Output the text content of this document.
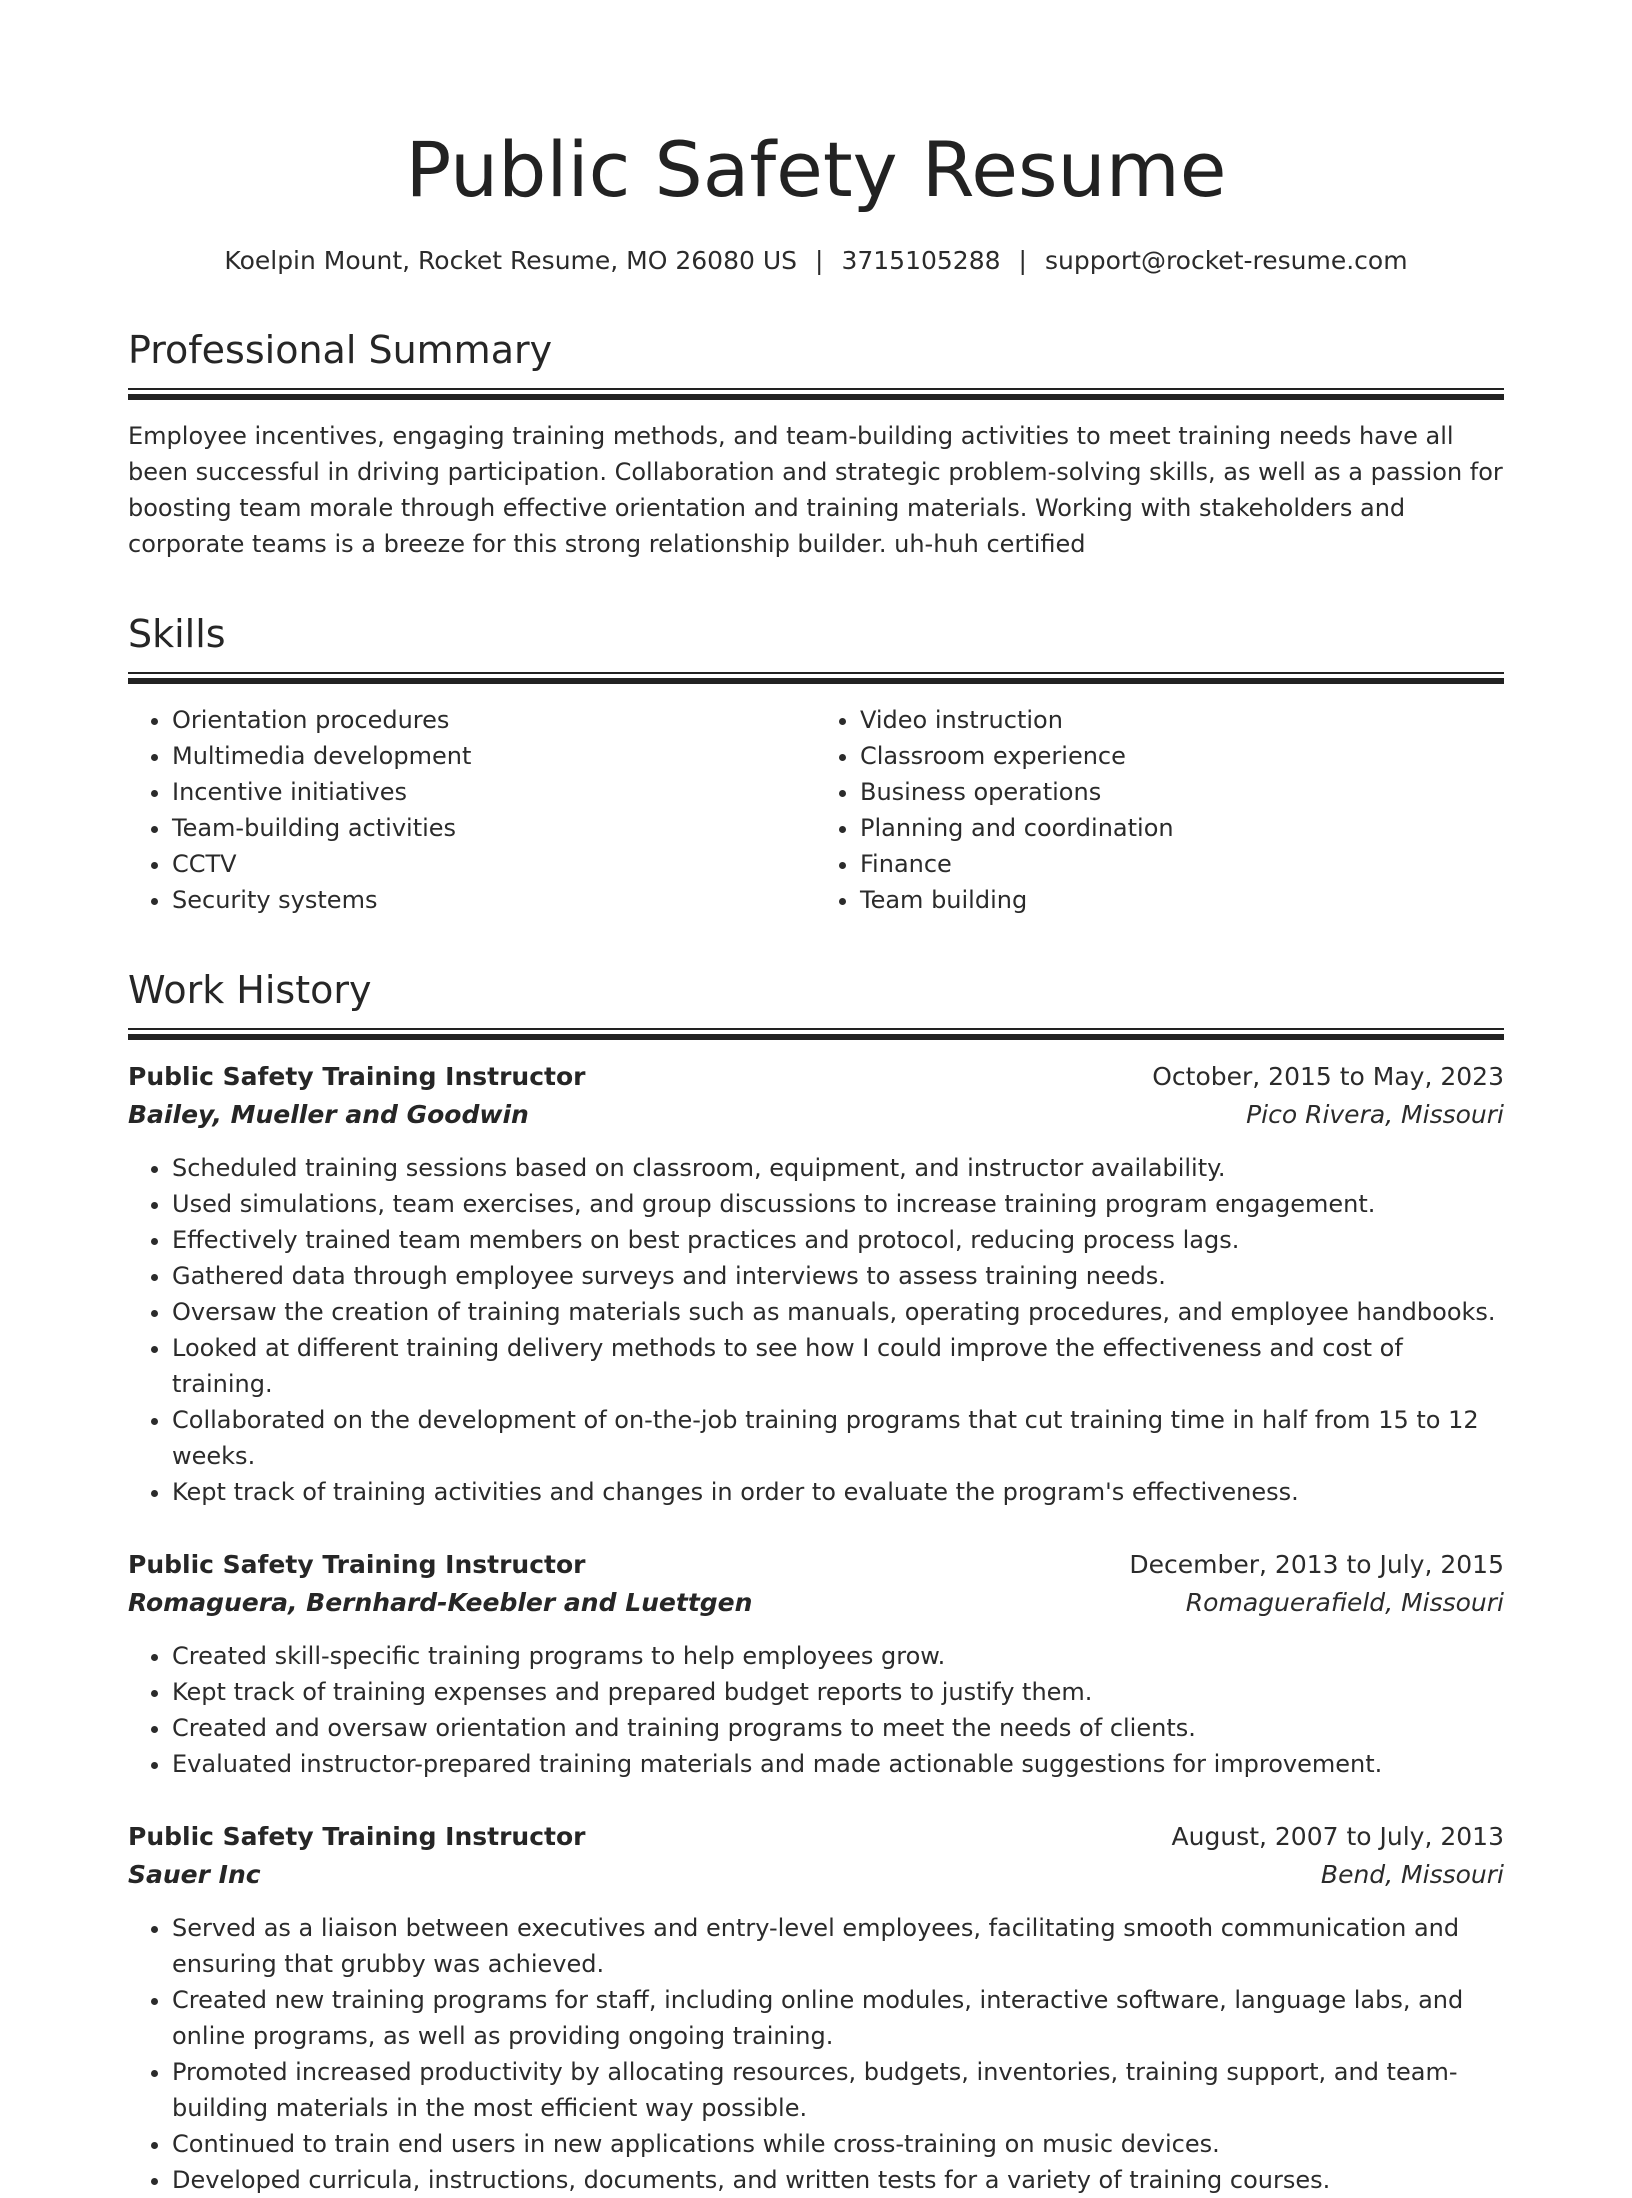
Public Safety Resume
Koelpin Mount, Rocket Resume, MO 26080 US | 3715105288 | support@rocket-resume.com
Professional Summary
Employee incentives, engaging training methods, and team-building activities to meet training needs have all been successful in driving participation. Collaboration and strategic problem-solving skills, as well as a passion for boosting team morale through effective orientation and training materials. Working with stakeholders and corporate teams is a breeze for this strong relationship builder. uh-huh certified
Skills
• Orientation procedures
• Multimedia development
• Incentive initiatives
• Team-building activities
• CCTV
• Security systems
• Video instruction
• Classroom experience
• Business operations
• Planning and coordination
• Finance
• Team building
Work History
Public Safety Training Instructor	October, 2015 to May, 2023
Bailey, Mueller and Goodwin	Pico Rivera, Missouri
• Scheduled training sessions based on classroom, equipment, and instructor availability.
• Used simulations, team exercises, and group discussions to increase training program engagement.
• Effectively trained team members on best practices and protocol, reducing process lags.
• Gathered data through employee surveys and interviews to assess training needs.
• Oversaw the creation of training materials such as manuals, operating procedures, and employee handbooks.
• Looked at different training delivery methods to see how I could improve the effectiveness and cost of training.
• Collaborated on the development of on-the-job training programs that cut training time in half from 15 to 12 weeks.
• Kept track of training activities and changes in order to evaluate the program's effectiveness.
Public Safety Training Instructor	December, 2013 to July, 2015
Romaguera, Bernhard-Keebler and Luettgen	Romaguerafield, Missouri
• Created skill-specific training programs to help employees grow.
• Kept track of training expenses and prepared budget reports to justify them.
• Created and oversaw orientation and training programs to meet the needs of clients.
• Evaluated instructor-prepared training materials and made actionable suggestions for improvement.
Public Safety Training Instructor	August, 2007 to July, 2013
Sauer Inc	Bend, Missouri
• Served as a liaison between executives and entry-level employees, facilitating smooth communication and ensuring that grubby was achieved.
• Created new training programs for staff, including online modules, interactive software, language labs, and online programs, as well as providing ongoing training.
• Promoted increased productivity by allocating resources, budgets, inventories, training support, and team-building materials in the most efficient way possible.
• Continued to train end users in new applications while cross-training on music devices.
• Developed curricula, instructions, documents, and written tests for a variety of training courses.
